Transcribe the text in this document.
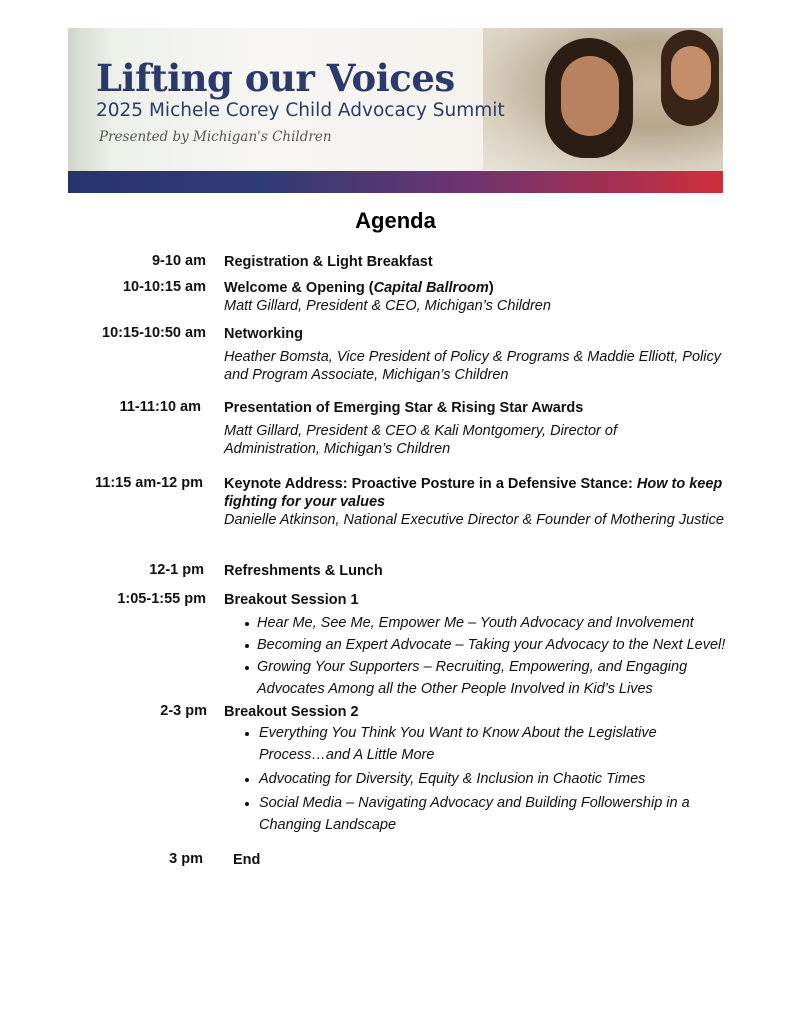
Lifting our Voices
2025 Michele Corey Child Advocacy Summit
Presented by Michigan's Children
Agenda
9-10 am Registration & Light Breakfast
10-10:15 am Welcome & Opening (Capital Ballroom)
Matt Gillard, President & CEO, Michigan’s Children
10:15-10:50 am Networking
Heather Bomsta, Vice President of Policy & Programs & Maddie Elliott, Policy and Program Associate, Michigan’s Children
11-11:10 am Presentation of Emerging Star & Rising Star Awards
Matt Gillard, President & CEO & Kali Montgomery, Director of Administration, Michigan’s Children
11:15 am-12 pm Keynote Address: Proactive Posture in a Defensive Stance: How to keep fighting for your values
Danielle Atkinson, National Executive Director & Founder of Mothering Justice
12-1 pm Refreshments & Lunch
1:05-1:55 pm Breakout Session 1
Hear Me, See Me, Empower Me – Youth Advocacy and Involvement
Becoming an Expert Advocate – Taking your Advocacy to the Next Level!
Growing Your Supporters – Recruiting, Empowering, and Engaging Advocates Among all the Other People Involved in Kid’s Lives
2-3 pm Breakout Session 2
Everything You Think You Want to Know About the Legislative Process…and A Little More
Advocating for Diversity, Equity & Inclusion in Chaotic Times
Social Media – Navigating Advocacy and Building Followership in a Changing Landscape
3 pm End
